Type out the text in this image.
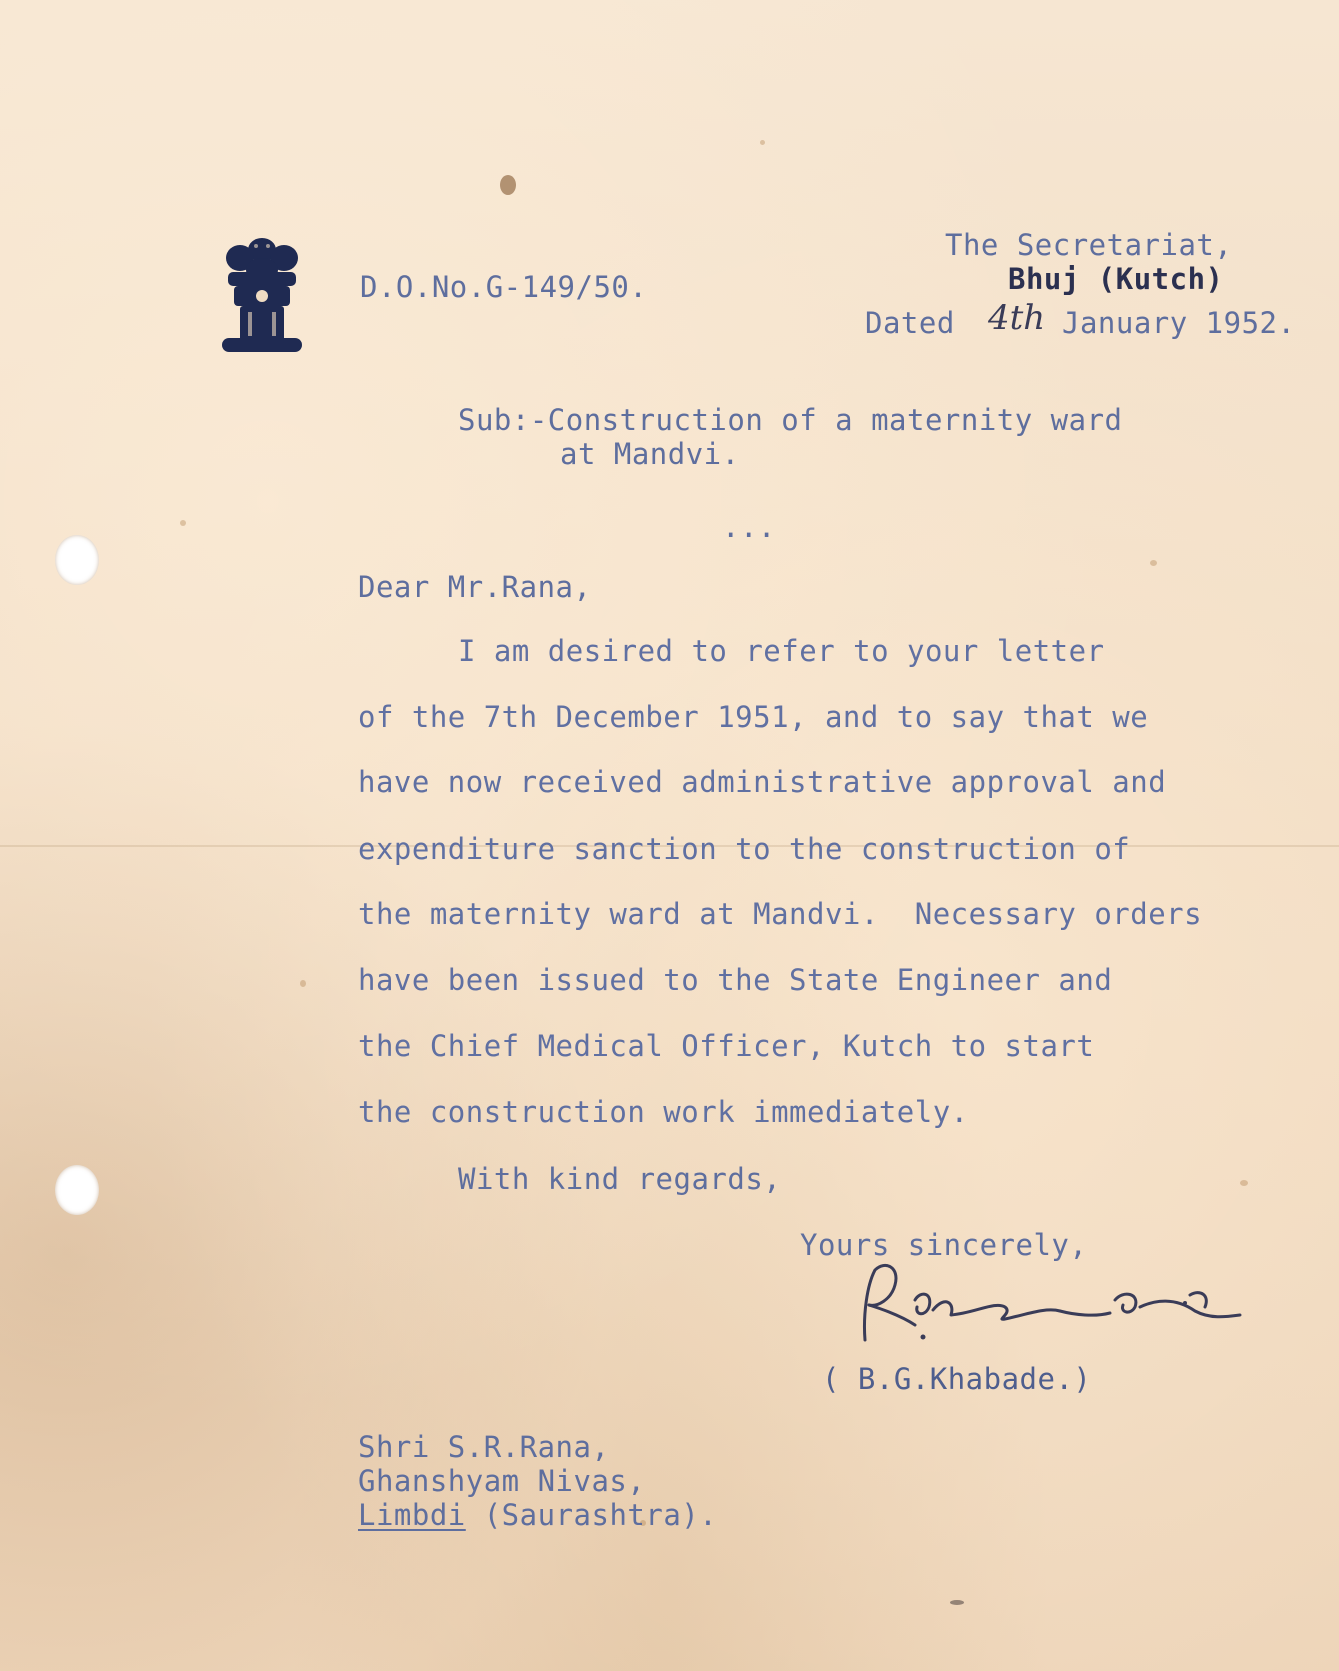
D.O.No.G-149/50.

The Secretariat,

Bhuj (Kutch)

Dated 4th January 1952.

Sub:-Construction of a maternity ward

at Mandvi.

...

Dear Mr.Rana,

I am desired to refer to your letter

of the 7th December 1951, and to say that we

have now received administrative approval and

expenditure sanction to the construction of

the maternity ward at Mandvi.  Necessary orders

have been issued to the State Engineer and

the Chief Medical Officer, Kutch to start

the construction work immediately.

With kind regards,

Yours sincerely,

( B.G.Khabade.)

Shri S.R.Rana,

Ghanshyam Nivas,

Limbdi (Saurashtra).
